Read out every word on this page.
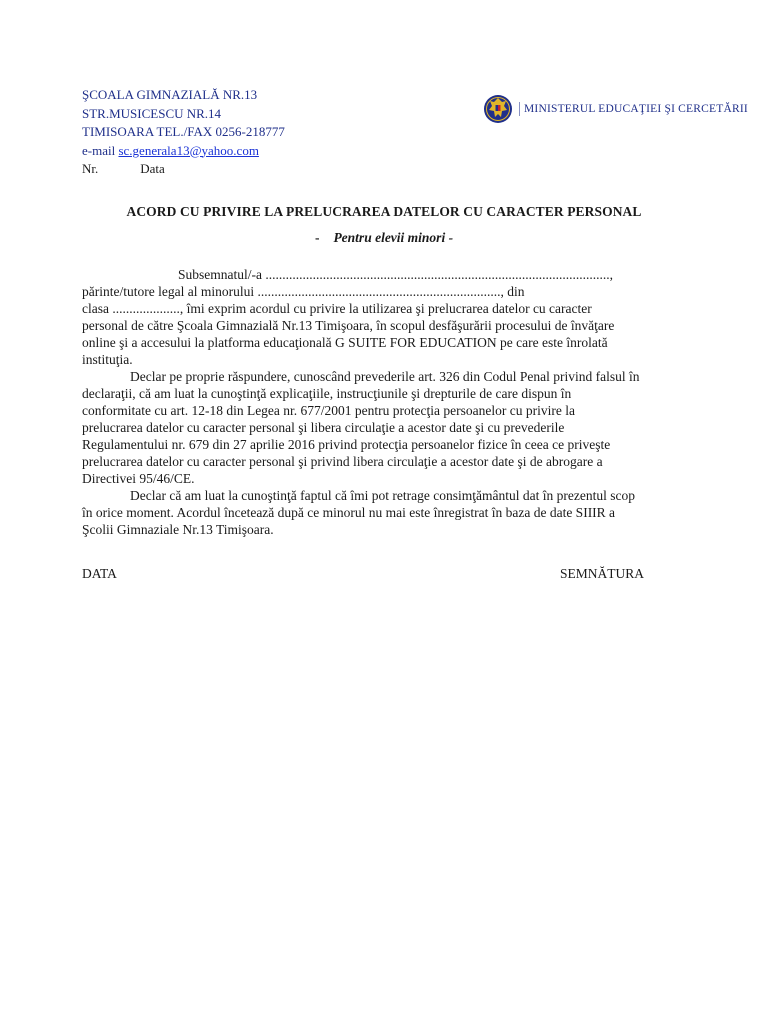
ŞCOALA GIMNAZIALĂ NR.13
STR.MUSICESCU NR.14
TIMISOARA TEL./FAX 0256-218777
e-mail sc.generala13@yahoo.com
Nr.	Data
MINISTERUL EDUCAŢIEI ŞI CERCETĂRII
ACORD CU PRIVIRE LA PRELUCRAREA DATELOR CU CARACTER PERSONAL
- Pentru elevii minori -
Subsemnatul/-a ......................................................................................................,
părinte/tutore legal al minorului ........................................................................, din
clasa ...................., îmi exprim acordul cu privire la utilizarea şi prelucrarea datelor cu caracter
personal de către Şcoala Gimnazială Nr.13 Timişoara, în scopul desfăşurării procesului de învăţare
online şi a accesului la platforma educaţională G SUITE FOR EDUCATION pe care este înrolată
instituţia.
Declar pe proprie răspundere, cunoscând prevederile art. 326 din Codul Penal privind falsul în
declaraţii, că am luat la cunoştinţă explicaţiile, instrucţiunile şi drepturile de care dispun în
conformitate cu art. 12-18 din Legea nr. 677/2001 pentru protecţia persoanelor cu privire la
prelucrarea datelor cu caracter personal şi libera circulaţie a acestor date şi cu prevederile
Regulamentului nr. 679 din 27 aprilie 2016 privind protecţia persoanelor fizice în ceea ce priveşte
prelucrarea datelor cu caracter personal şi privind libera circulaţie a acestor date şi de abrogare a
Directivei 95/46/CE.
Declar că am luat la cunoştinţă faptul că îmi pot retrage consimţământul dat în prezentul scop
în orice moment. Acordul încetează după ce minorul nu mai este înregistrat în baza de date SIIIR a
Şcolii Gimnaziale Nr.13 Timişoara.
DATA	SEMNĂTURA
